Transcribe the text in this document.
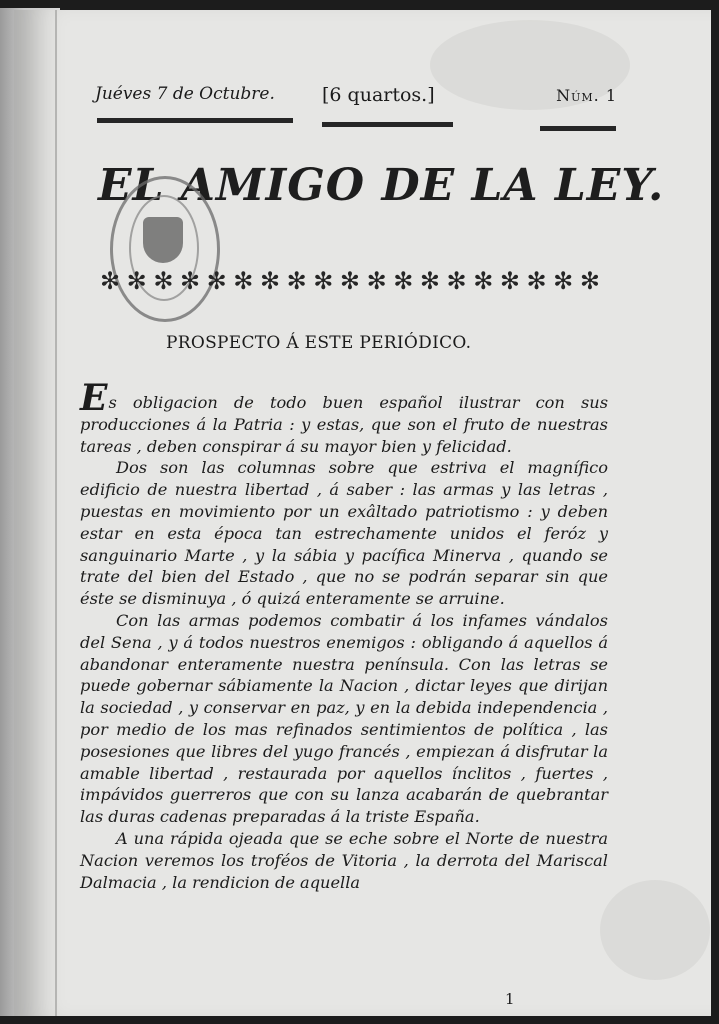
Juéves 7 de Octubre. [6 quartos.]	Núm. 1
EL AMIGO DE LA LEY.
✻ ✻ ✻ ✻ ✻ ✻ ✻ ✻ ✻ ✻ ✻ ✻ ✻ ✻ ✻ ✻ ✻ ✻ ✻
PROSPECTO Á ESTE PERIÓDICO.

Es obligacion de todo buen español ilustrar con sus producciones á la Patria : y estas, que son el fruto de nuestras tareas , deben conspirar á su mayor bien y felicidad.

Dos son las columnas sobre que estriva el magnífico edificio de nuestra libertad , á saber : las armas y las letras , puestas en movimiento por un exâltado patriotismo : y deben estar en esta época tan estrechamente unidos el feróz y sanguinario Marte , y la sábia y pacífica Minerva , quando se trate del bien del Estado , que no se podrán separar sin que éste se disminuya , ó quizá enteramente se arruine.

Con las armas podemos combatir á los infames vándalos del Sena , y á todos nuestros enemigos : obligando á aquellos á abandonar enteramente nuestra península. Con las letras se puede gobernar sábiamente la Nacion , dictar leyes que dirijan la sociedad , y conservar en paz, y en la debida independencia , por medio de los mas refinados sentimientos de política , las posesiones que libres del yugo francés , empiezan á disfrutar la amable libertad , restaurada por aquellos ínclitos , fuertes , impávidos guerreros que con su lanza acabarán de quebrantar las duras cadenas preparadas á la triste España.

A una rápida ojeada que se eche sobre el Norte de nuestra Nacion veremos los troféos de Vitoria , la derrota del Mariscal Dalmacia , la rendicion de aquella

1
